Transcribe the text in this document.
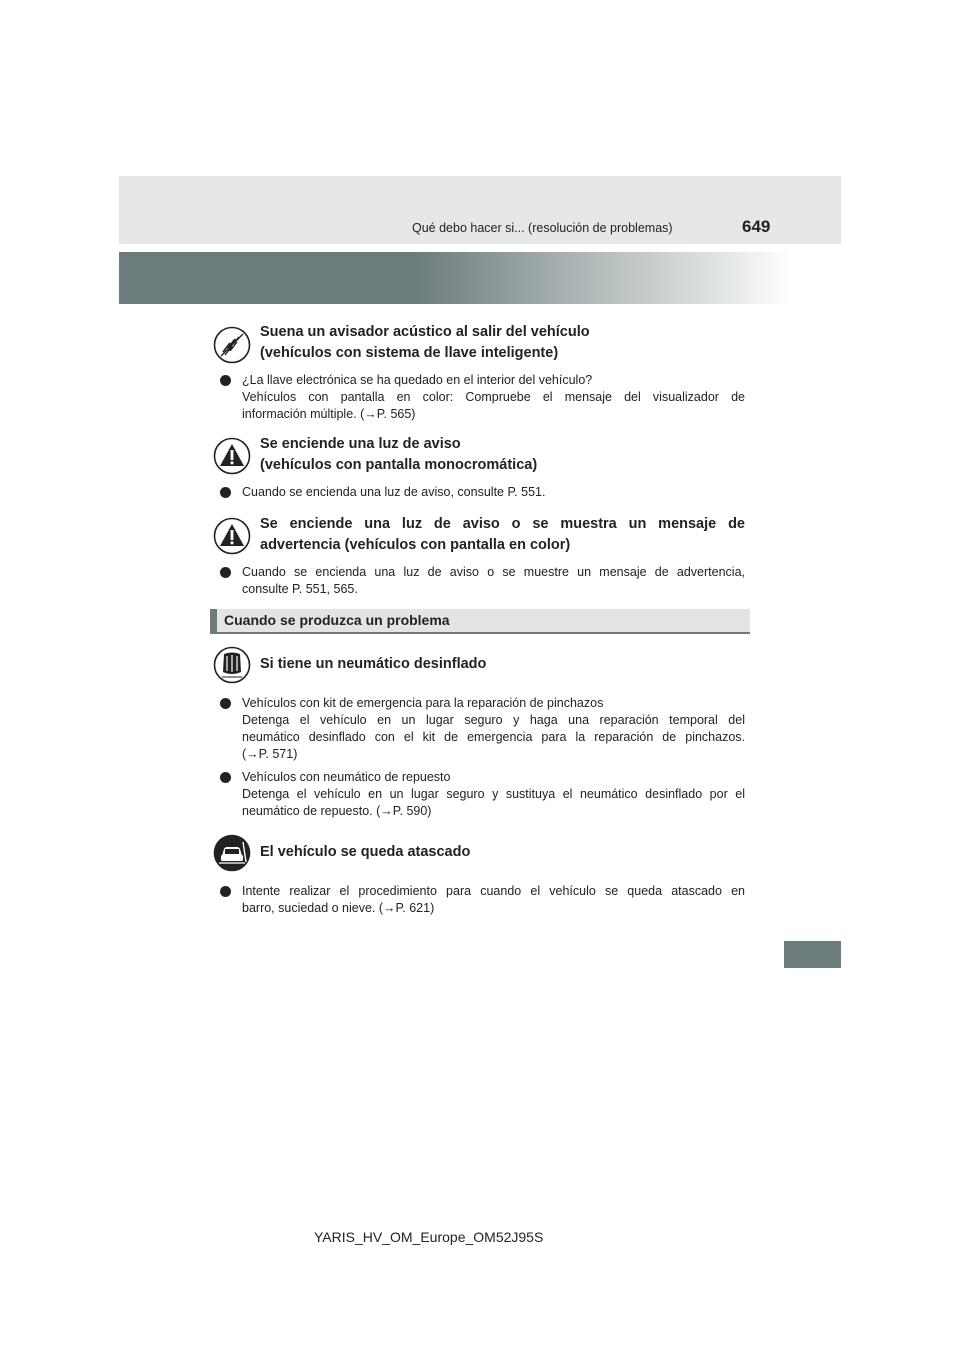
Qué debo hacer si... (resolución de problemas)	649
Suena un avisador acústico al salir del vehículo
(vehículos con sistema de llave inteligente)
¿La llave electrónica se ha quedado en el interior del vehículo?
Vehículos con pantalla en color: Compruebe el mensaje del visualizador de
información múltiple. (→P. 565)
Se enciende una luz de aviso
(vehículos con pantalla monocromática)
Cuando se encienda una luz de aviso, consulte P. 551.
Se enciende una luz de aviso o se muestra un mensaje de
advertencia (vehículos con pantalla en color)
Cuando se encienda una luz de aviso o se muestre un mensaje de advertencia,
consulte P. 551, 565.
Cuando se produzca un problema
Si tiene un neumático desinflado
Vehículos con kit de emergencia para la reparación de pinchazos
Detenga el vehículo en un lugar seguro y haga una reparación temporal del
neumático desinflado con el kit de emergencia para la reparación de pinchazos.
(→P. 571)
Vehículos con neumático de repuesto
Detenga el vehículo en un lugar seguro y sustituya el neumático desinflado por el
neumático de repuesto. (→P. 590)
El vehículo se queda atascado
Intente realizar el procedimiento para cuando el vehículo se queda atascado en
barro, suciedad o nieve. (→P. 621)
YARIS_HV_OM_Europe_OM52J95S
